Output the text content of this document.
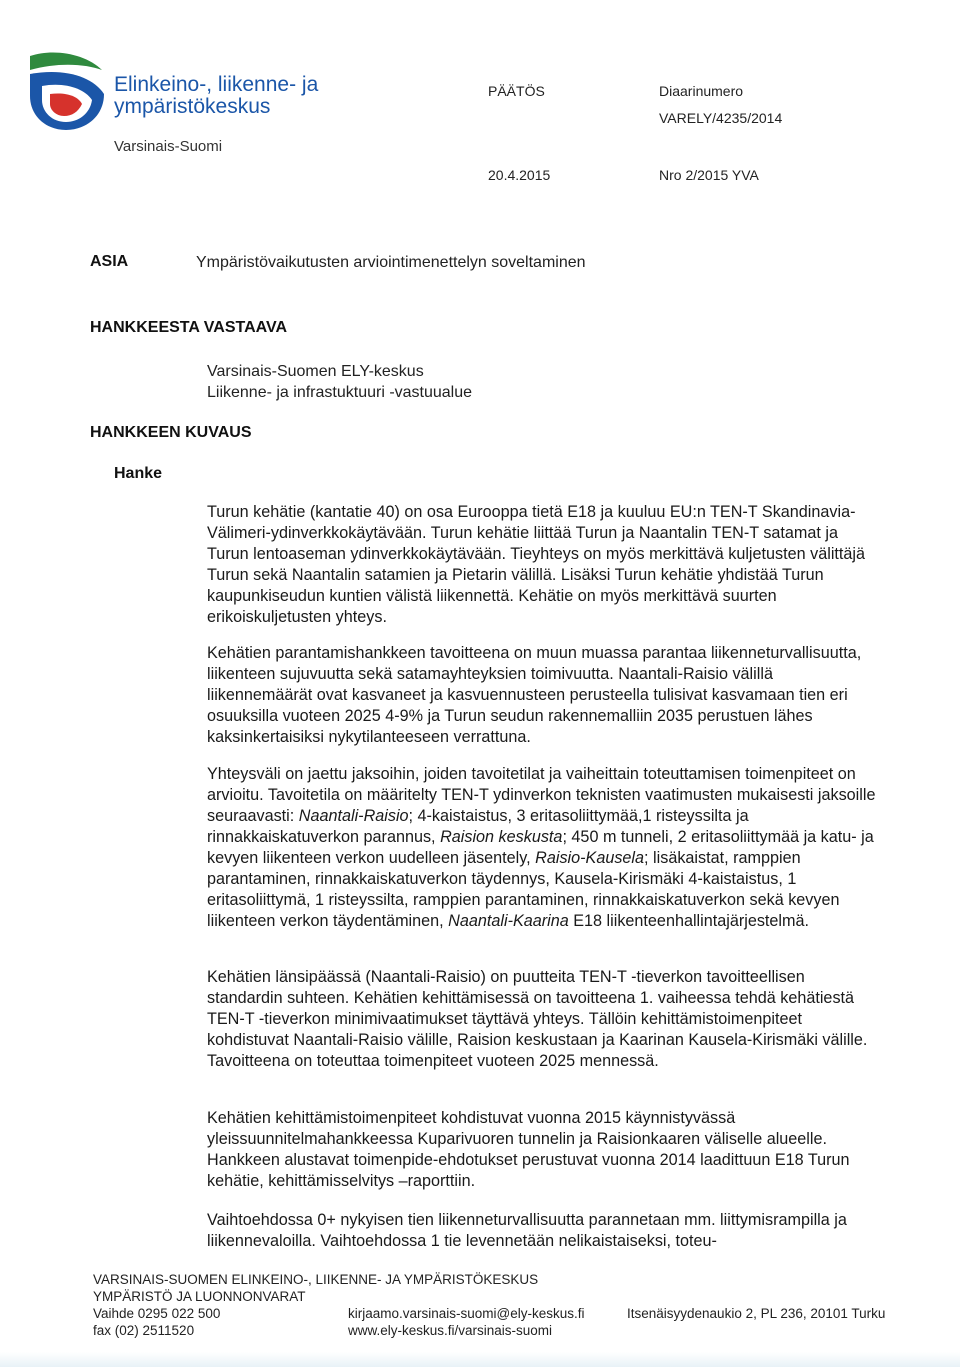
Elinkeino-, liikenne- ja
ympäristökeskus
Varsinais-Suomi
PÄÄTÖS
20.4.2015
Diaarinumero
VARELY/4235/2014
Nro 2/2015 YVA
ASIA	Ympäristövaikutusten arviointimenettelyn soveltaminen
HANKKEESTA VASTAAVA
Varsinais-Suomen ELY-keskus
Liikenne- ja infrastuktuuri -vastuualue
HANKKEEN KUVAUS
Hanke

Turun kehätie (kantatie 40) on osa Eurooppa tietä E18 ja kuuluu EU:n TEN-T Skandinavia-Välimeri-ydinverkkokäytävään. Turun kehätie liittää Turun ja Naantalin TEN-T satamat ja Turun lentoaseman ydinverkkokäytävään. Tieyhteys on myös merkittävä kuljetusten välittäjä Turun sekä Naantalin satamien ja Pietarin välillä. Lisäksi Turun kehätie yhdistää Turun kaupunkiseudun kuntien välistä liikennettä. Kehätie on myös merkittävä suurten erikoiskuljetusten yhteys.

Kehätien parantamishankkeen tavoitteena on muun muassa parantaa liikenneturvallisuutta, liikenteen sujuvuutta sekä satamayhteyksien toimivuutta. Naantali-Raisio välillä liikennemäärät ovat kasvaneet ja kasvuennusteen perusteella tulisivat kasvamaan tien eri osuuksilla vuoteen 2025 4-9% ja Turun seudun rakennemalliin 2035 perustuen lähes kaksinkertaisiksi nykytilanteeseen verrattuna.

Yhteysväli on jaettu jaksoihin, joiden tavoitetilat ja vaiheittain toteuttamisen toimenpiteet on arvioitu. Tavoitetila on määritelty TEN-T ydinverkon teknisten vaatimusten mukaisesti jaksoille seuraavasti: Naantali-Raisio; 4-kaistaistus, 3 eritasoliittymää,1 risteyssilta ja rinnakkaiskatuverkon parannus, Raision keskusta; 450 m tunneli, 2 eritasoliittymää ja katu- ja kevyen liikenteen verkon uudelleen jäsentely, Raisio-Kausela; lisäkaistat, ramppien parantaminen, rinnakkaiskatuverkon täydennys, Kausela-Kirismäki 4-kaistaistus, 1 eritasoliittymä, 1 risteyssilta, ramppien parantaminen, rinnakkaiskatuverkon sekä kevyen liikenteen verkon täydentäminen, Naantali-Kaarina E18 liikenteenhallintajärjestelmä.

Kehätien länsipäässä (Naantali-Raisio) on puutteita TEN-T -tieverkon tavoitteellisen standardin suhteen. Kehätien kehittämisessä on tavoitteena 1. vaiheessa tehdä kehätiestä TEN-T -tieverkon minimivaatimukset täyttävä yhteys. Tällöin kehittämistoimenpiteet kohdistuvat Naantali-Raisio välille, Raision keskustaan ja Kaarinan Kausela-Kirismäki välille. Tavoitteena on toteuttaa toimenpiteet vuoteen 2025 mennessä.

Kehätien kehittämistoimenpiteet kohdistuvat vuonna 2015 käynnistyvässä yleissuunnitelmahankkeessa Kuparivuoren tunnelin ja Raisionkaaren väliselle alueelle. Hankkeen alustavat toimenpide-ehdotukset perustuvat vuonna 2014 laadittuun E18 Turun kehätie, kehittämisselvitys –raporttiin.

Vaihtoehdossa 0+ nykyisen tien liikenneturvallisuutta parannetaan mm. liittymisrampilla ja liikennevaloilla. Vaihtoehdossa 1 tie levennetään nelikaistaiseksi, toteu-

VARSINAIS-SUOMEN ELINKEINO-, LIIKENNE- JA YMPÄRISTÖKESKUS
YMPÄRISTÖ JA LUONNONVARAT
Vaihde 0295 022 500
fax (02) 2511520
kirjaamo.varsinais-suomi@ely-keskus.fi
www.ely-keskus.fi/varsinais-suomi
Itsenäisyydenaukio 2, PL 236, 20101 Turku
